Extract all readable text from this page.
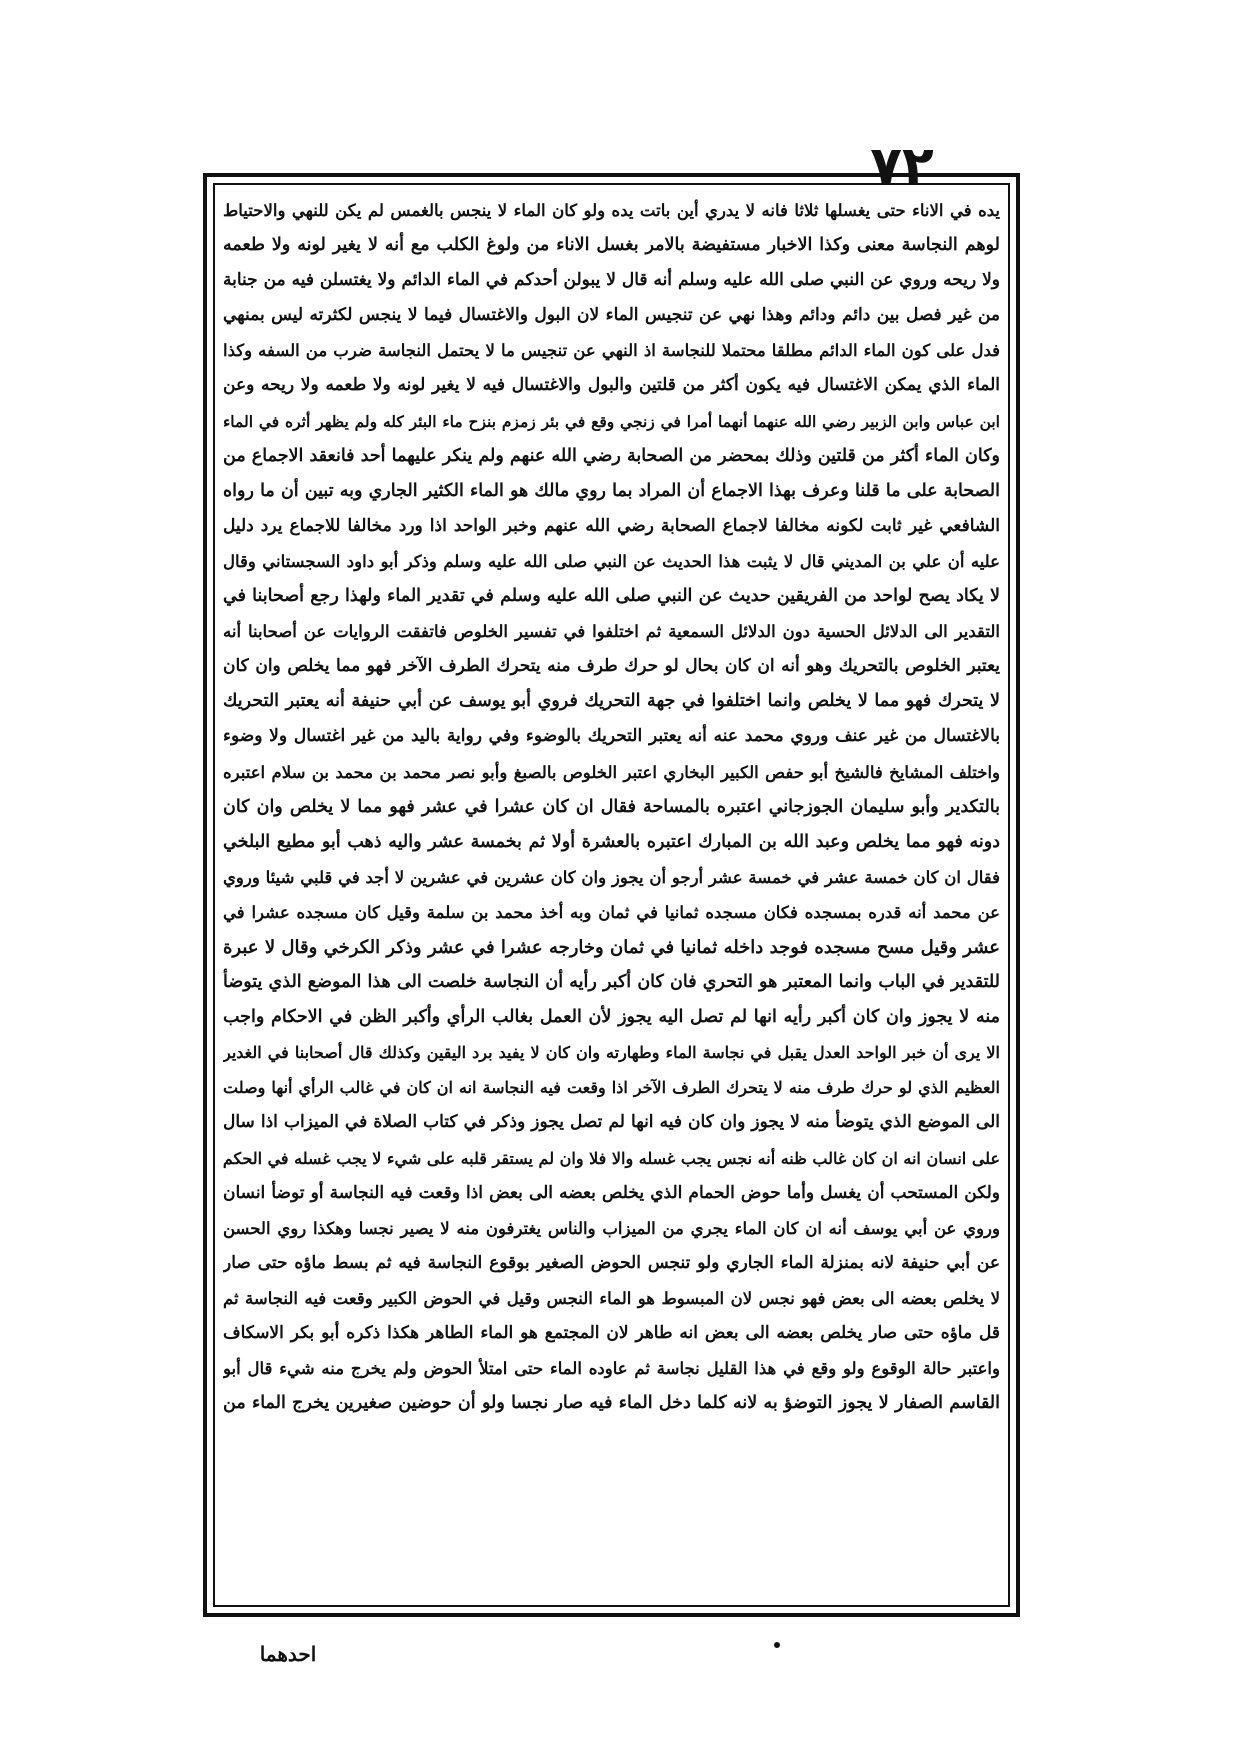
٧٢
يده في الاناء حتى يغسلها ثلاثا فانه لا يدري أين باتت يده ولو كان الماء لا ينجس بالغمس لم يكن للنهي والاحتياط
لوهم النجاسة معنى وكذا الاخبار مستفيضة بالامر بغسل الاناء من ولوغ الكلب مع أنه لا يغير لونه ولا طعمه
ولا ريحه وروي عن النبي صلى الله عليه وسلم أنه قال لا يبولن أحدكم في الماء الدائم ولا يغتسلن فيه من جنابة
من غير فصل بين دائم ودائم وهذا نهي عن تنجيس الماء لان البول والاغتسال فيما لا ينجس لكثرته ليس بمنهي
فدل على كون الماء الدائم مطلقا محتملا للنجاسة اذ النهي عن تنجيس ما لا يحتمل النجاسة ضرب من السفه وكذا
الماء الذي يمكن الاغتسال فيه يكون أكثر من قلتين والبول والاغتسال فيه لا يغير لونه ولا طعمه ولا ريحه وعن
ابن عباس وابن الزبير رضي الله عنهما أنهما أمرا في زنجي وقع في بئر زمزم بنزح ماء البئر كله ولم يظهر أثره في الماء
وكان الماء أكثر من قلتين وذلك بمحضر من الصحابة رضي الله عنهم ولم ينكر عليهما أحد فانعقد الاجماع من
الصحابة على ما قلنا وعرف بهذا الاجماع أن المراد بما روي مالك هو الماء الكثير الجاري وبه تبين أن ما رواه
الشافعي غير ثابت لكونه مخالفا لاجماع الصحابة رضي الله عنهم وخبر الواحد اذا ورد مخالفا للاجماع يرد دليل
عليه أن علي بن المديني قال لا يثبت هذا الحديث عن النبي صلى الله عليه وسلم وذكر أبو داود السجستاني وقال
لا يكاد يصح لواحد من الفريقين حديث عن النبي صلى الله عليه وسلم في تقدير الماء ولهذا رجع أصحابنا في
التقدير الى الدلائل الحسية دون الدلائل السمعية ثم اختلفوا في تفسير الخلوص فاتفقت الروايات عن أصحابنا أنه
يعتبر الخلوص بالتحريك وهو أنه ان كان بحال لو حرك طرف منه يتحرك الطرف الآخر فهو مما يخلص وان كان
لا يتحرك فهو مما لا يخلص وانما اختلفوا في جهة التحريك فروي أبو يوسف عن أبي حنيفة أنه يعتبر التحريك
بالاغتسال من غير عنف وروي محمد عنه أنه يعتبر التحريك بالوضوء وفي رواية باليد من غير اغتسال ولا وضوء
واختلف المشايخ فالشيخ أبو حفص الكبير البخاري اعتبر الخلوص بالصبغ وأبو نصر محمد بن محمد بن سلام اعتبره
بالتكدير وأبو سليمان الجوزجاني اعتبره بالمساحة فقال ان كان عشرا في عشر فهو مما لا يخلص وان كان
دونه فهو مما يخلص وعبد الله بن المبارك اعتبره بالعشرة أولا ثم بخمسة عشر واليه ذهب أبو مطيع البلخي
فقال ان كان خمسة عشر في خمسة عشر أرجو أن يجوز وان كان عشرين في عشرين لا أجد في قلبي شيئا وروي
عن محمد أنه قدره بمسجده فكان مسجده ثمانيا في ثمان وبه أخذ محمد بن سلمة وقيل كان مسجده عشرا في
عشر وقيل مسح مسجده فوجد داخله ثمانيا في ثمان وخارجه عشرا في عشر وذكر الكرخي وقال لا عبرة
للتقدير في الباب وانما المعتبر هو التحري فان كان أكبر رأيه أن النجاسة خلصت الى هذا الموضع الذي يتوضأ
منه لا يجوز وان كان أكبر رأيه انها لم تصل اليه يجوز لأن العمل بغالب الرأي وأكبر الظن في الاحكام واجب
الا يرى أن خبر الواحد العدل يقبل في نجاسة الماء وطهارته وان كان لا يفيد برد اليقين وكذلك قال أصحابنا في الغدير
العظيم الذي لو حرك طرف منه لا يتحرك الطرف الآخر اذا وقعت فيه النجاسة انه ان كان في غالب الرأي أنها وصلت
الى الموضع الذي يتوضأ منه لا يجوز وان كان فيه انها لم تصل يجوز وذكر في كتاب الصلاة في الميزاب اذا سال
على انسان انه ان كان غالب ظنه أنه نجس يجب غسله والا فلا وان لم يستقر قلبه على شيء لا يجب غسله في الحكم
ولكن المستحب أن يغسل وأما حوض الحمام الذي يخلص بعضه الى بعض اذا وقعت فيه النجاسة أو توضأ انسان
وروي عن أبي يوسف أنه ان كان الماء يجري من الميزاب والناس يغترفون منه لا يصير نجسا وهكذا روي الحسن
عن أبي حنيفة لانه بمنزلة الماء الجاري ولو تنجس الحوض الصغير بوقوع النجاسة فيه ثم بسط ماؤه حتى صار
لا يخلص بعضه الى بعض فهو نجس لان المبسوط هو الماء النجس وقيل في الحوض الكبير وقعت فيه النجاسة ثم
قل ماؤه حتى صار يخلص بعضه الى بعض انه طاهر لان المجتمع هو الماء الطاهر هكذا ذكره أبو بكر الاسكاف
واعتبر حالة الوقوع ولو وقع في هذا القليل نجاسة ثم عاوده الماء حتى امتلأ الحوض ولم يخرج منه شيء قال أبو
القاسم الصفار لا يجوز التوضؤ به لانه كلما دخل الماء فيه صار نجسا ولو أن حوضين صغيرين يخرج الماء من
احدهما
